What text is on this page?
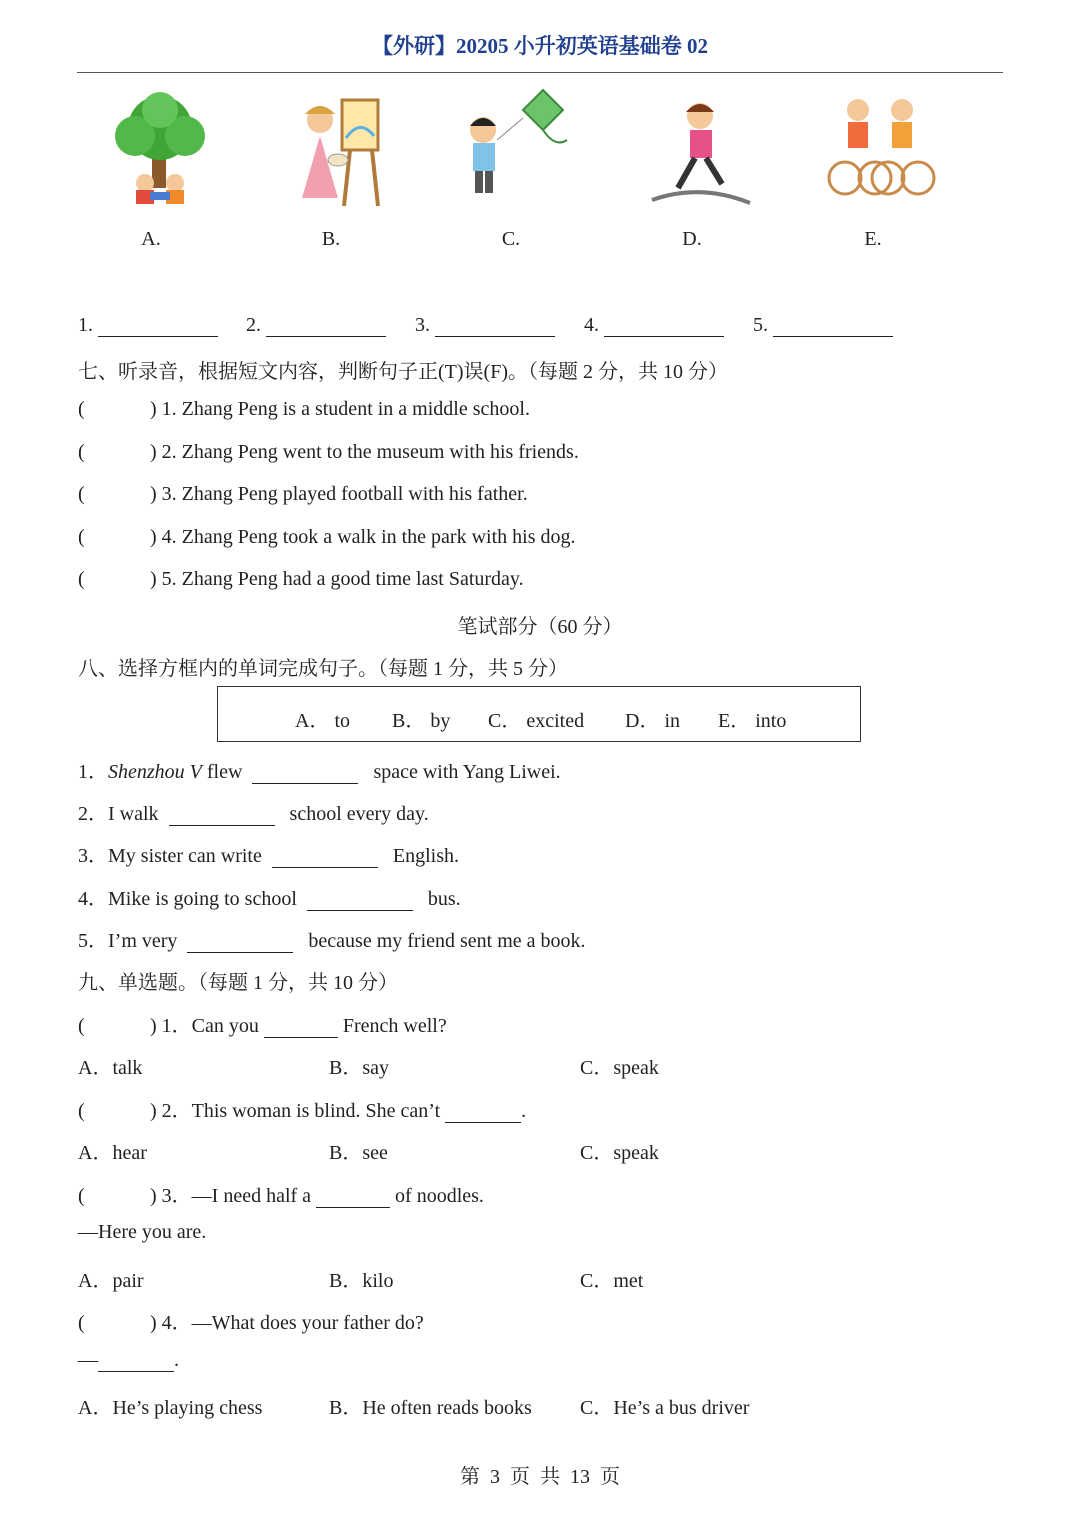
【外研】20205 小升初英语基础卷 02
A.	B.	C.	D.	E.
1.	2.	3.	4.	5.
七、听录音，根据短文内容，判断句子正(T)误(F)。（每题 2 分，共 10 分）
(	) 1. Zhang Peng is a student in a middle school.
(	) 2. Zhang Peng went to the museum with his friends.
(	) 3. Zhang Peng played football with his father.
(	) 4. Zhang Peng took a walk in the park with his dog.
(	) 5. Zhang Peng had a good time last Saturday.
笔试部分（60 分）
八、选择方框内的单词完成句子。（每题 1 分，共 5 分）
A． to B． by C． excited D． in E． into
1．Shenzhou V flew	space with Yang Liwei.
2．I walk	school every day.
3．My sister can write	English.
4．Mike is going to school	bus.
5．I’m very	because my friend sent me a book.
九、单选题。（每题 1 分，共 10 分）
(	) 1．Can you	French well?
A．talk	B．say	C．speak
(	) 2．This woman is blind. She can’t	.
A．hear	B．see	C．speak
(	) 3．—I need half a	of noodles.
—Here you are.
A．pair	B．kilo	C．met
(	) 4．—What does your father do?
—	.
A．He’s playing chess	B．He often reads books C．He’s a bus driver
第  3  页  共  13  页
